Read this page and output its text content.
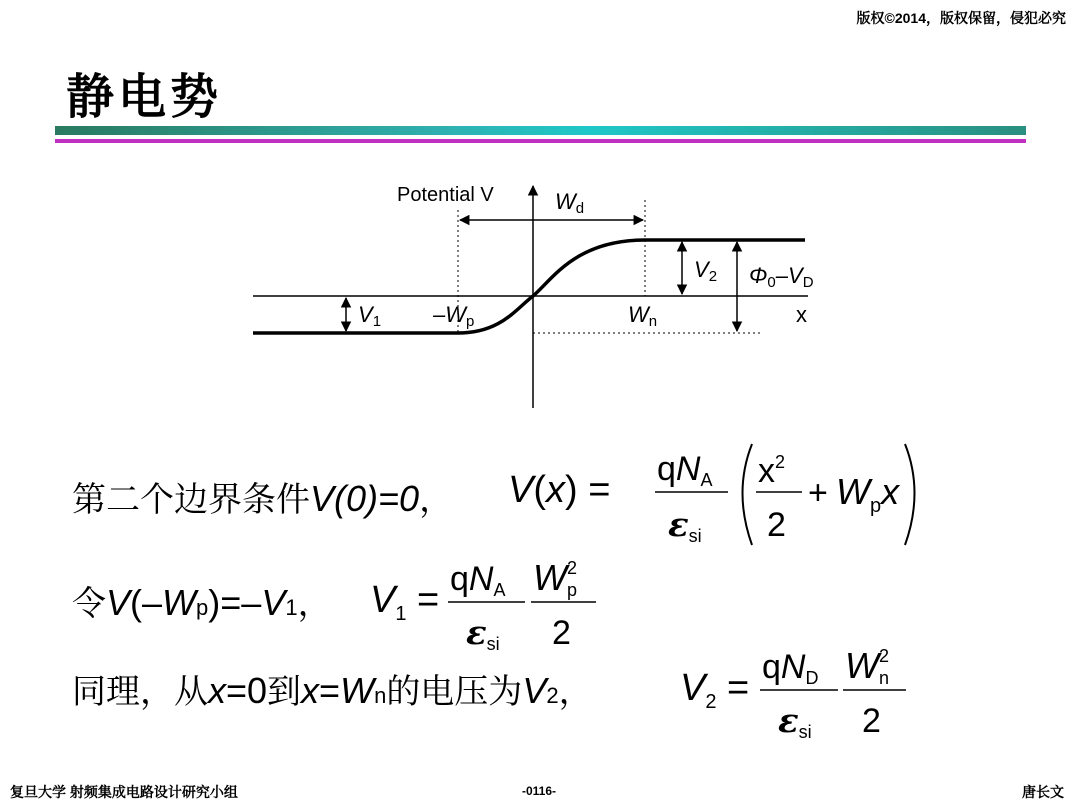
版权©2014，版权保留，侵犯必究
静电势
Potential V	Wd
V2 Φ0–VD
V1 –Wp	Wn	x
第二个边界条件V(0)=0， V(x) = qNA
εsi
$x^2$
2
+ $W_px$
令V(–Wp)=–V1， $V_1$ = qNA
εsi
$W^2$ p
2
同理，从x=0到x=Wn的电压为V2， $V_2$ = qND
εsi
$W^2$ n
2
复旦大学 射频集成电路设计研究小组	-0116-	唐长文
